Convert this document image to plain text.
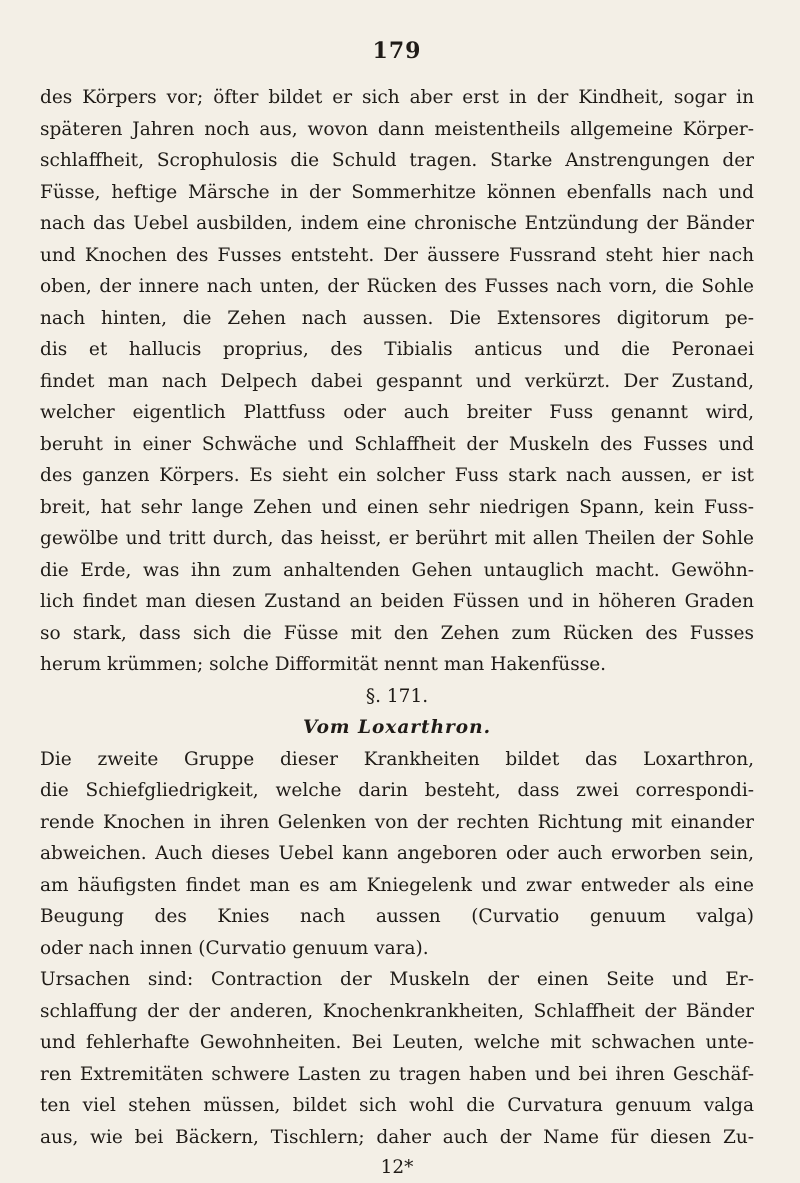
179

des Körpers vor; öfter bildet er sich aber erst in der Kindheit, sogar in
späteren Jahren noch aus, wovon dann meistentheils allgemeine Körper-
schlaffheit, Scrophulosis die Schuld tragen. Starke Anstrengungen der
Füsse, heftige Märsche in der Sommerhitze können ebenfalls nach und
nach das Uebel ausbilden, indem eine chronische Entzündung der Bänder
und Knochen des Fusses entsteht. Der äussere Fussrand steht hier nach
oben, der innere nach unten, der Rücken des Fusses nach vorn, die Sohle
nach hinten, die Zehen nach aussen. Die Extensores digitorum pe-
dis et hallucis proprius, des Tibialis anticus und die Peronaei
findet man nach Delpech dabei gespannt und verkürzt. Der Zustand,
welcher eigentlich Plattfuss oder auch breiter Fuss genannt wird,
beruht in einer Schwäche und Schlaffheit der Muskeln des Fusses und
des ganzen Körpers. Es sieht ein solcher Fuss stark nach aussen, er ist
breit, hat sehr lange Zehen und einen sehr niedrigen Spann, kein Fuss-
gewölbe und tritt durch, das heisst, er berührt mit allen Theilen der Sohle
die Erde, was ihn zum anhaltenden Gehen untauglich macht. Gewöhn-
lich findet man diesen Zustand an beiden Füssen und in höheren Graden
so stark, dass sich die Füsse mit den Zehen zum Rücken des Fusses
herum krümmen; solche Difformität nennt man Hakenfüsse.

§. 171.
Vom Loxarthron.

Die zweite Gruppe dieser Krankheiten bildet das Loxarthron,
die Schiefgliedrigkeit, welche darin besteht, dass zwei correspondi-
rende Knochen in ihren Gelenken von der rechten Richtung mit einander
abweichen. Auch dieses Uebel kann angeboren oder auch erworben sein,
am häufigsten findet man es am Kniegelenk und zwar entweder als eine
Beugung des Knies nach aussen (Curvatio genuum valga)
oder nach innen (Curvatio genuum vara).

Ursachen sind: Contraction der Muskeln der einen Seite und Er-
schlaffung der der anderen, Knochenkrankheiten, Schlaffheit der Bänder
und fehlerhafte Gewohnheiten. Bei Leuten, welche mit schwachen unte-
ren Extremitäten schwere Lasten zu tragen haben und bei ihren Geschäf-
ten viel stehen müssen, bildet sich wohl die Curvatura genuum valga
aus, wie bei Bäckern, Tischlern; daher auch der Name für diesen Zu-

12*
